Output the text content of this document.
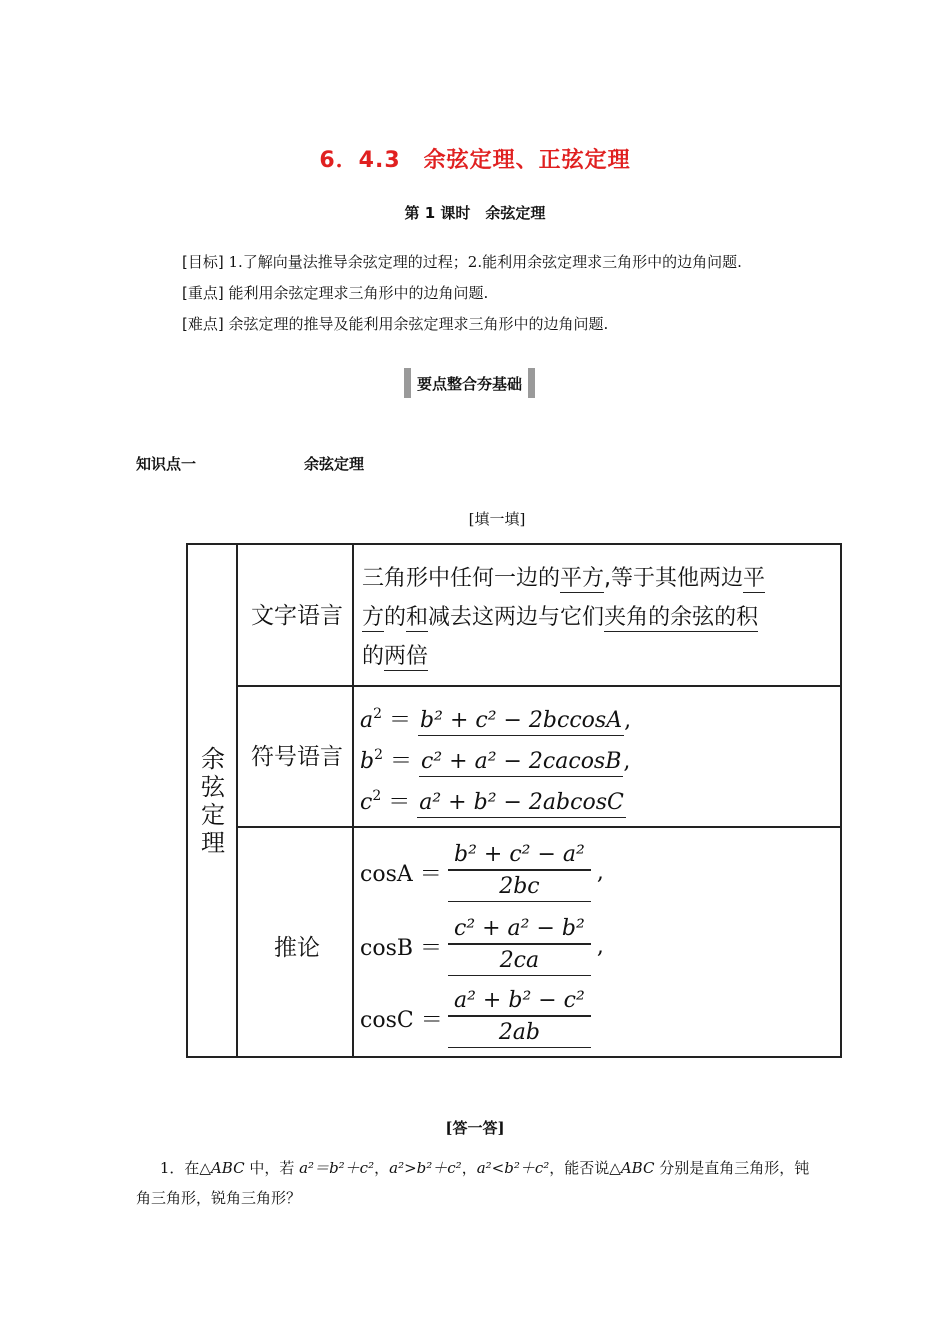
6．4.3　余弦定理、正弦定理
第 1 课时　余弦定理
[目标] 1.了解向量法推导余弦定理的过程；2.能利用余弦定理求三角形中的边角问题.
[重点] 能利用余弦定理求三角形中的边角问题.
[难点] 余弦定理的推导及能利用余弦定理求三角形中的边角问题.
要点整合夯基础
知识点一	余弦定理
[填一填]
余
弦
定
理
文字语言
三角形中任何一边的平方,等于其他两边平
方的和减去这两边与它们夹角的余弦的积
的两倍
符号语言
$a^2 = b^2 + c^2 - 2bccosA$,
$b^2 = c^2 + a^2 - 2cacosB$,
$c^2 = a^2 + b^2 - 2abcosC$
推论
$\cos A = \frac{\text{b² + c² − a²}}{2bc}$ ,
$\cos B = \frac{\text{c² + a² − b²}}{2ca}$ ,
$\cos C = \frac{\text{a² + b² − c²}}{2ab}$
[答一答]
1．在△ABC 中，若 a²＝b²＋c²，a²>b²＋c²，a²<b²＋c²，能否说△ABC 分别是直角三角形，钝角三角形，锐角三角形？
